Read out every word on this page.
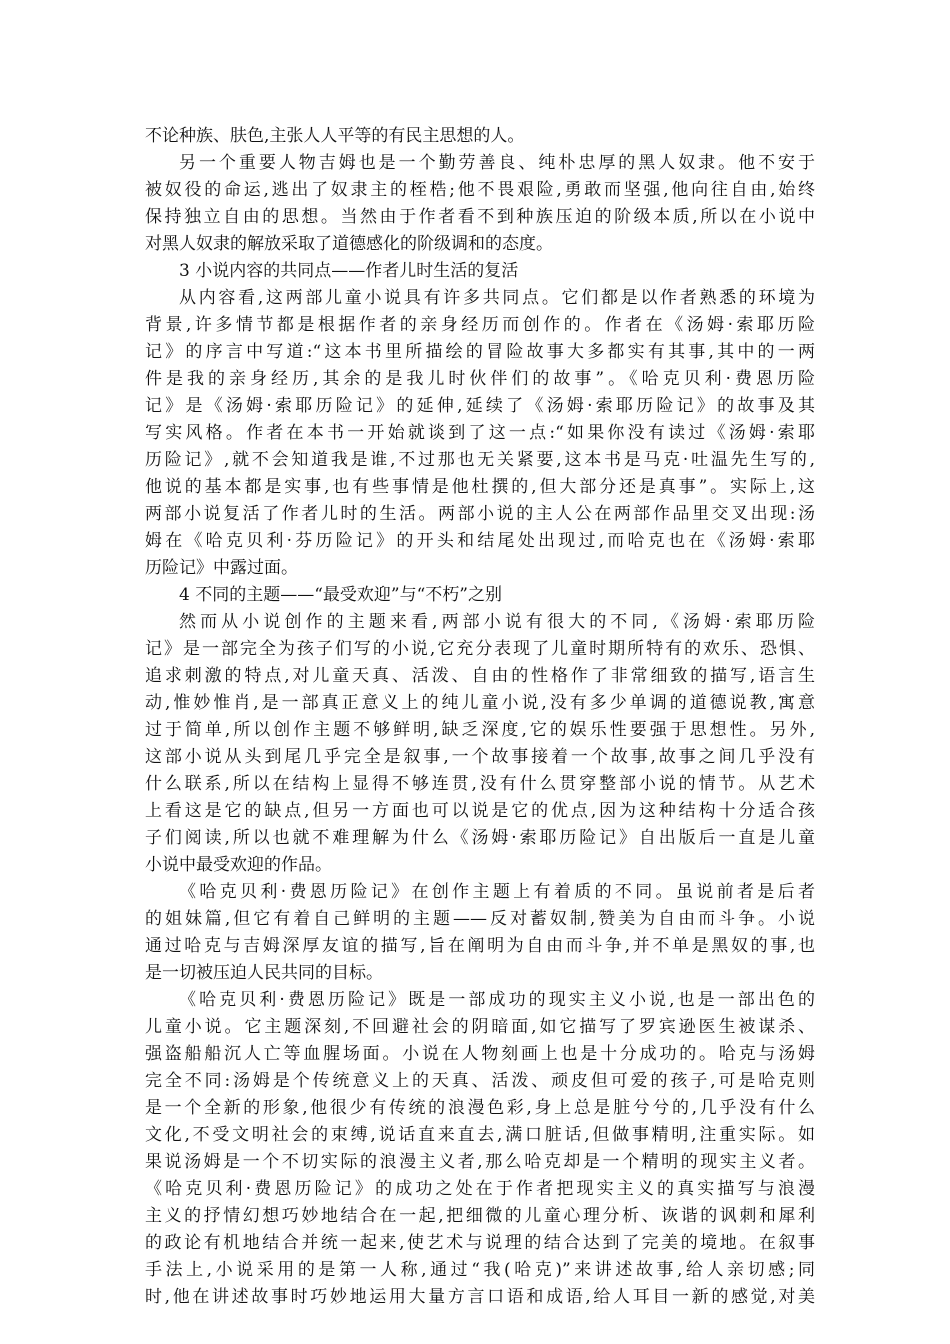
不论种族、肤色,主张人人平等的有民主思想的人。
另一个重要人物吉姆也是一个勤劳善良、纯朴忠厚的黑人奴隶。他不安于
被奴役的命运,逃出了奴隶主的桎梏;他不畏艰险,勇敢而坚强,他向往自由,始终
保持独立自由的思想。当然由于作者看不到种族压迫的阶级本质,所以在小说中
对黑人奴隶的解放采取了道德感化的阶级调和的态度。
3 小说内容的共同点——作者儿时生活的复活
从内容看,这两部儿童小说具有许多共同点。它们都是以作者熟悉的环境为
背景,许多情节都是根据作者的亲身经历而创作的。作者在《汤姆·索耶历险
记》的序言中写道:“这本书里所描绘的冒险故事大多都实有其事,其中的一两
件是我的亲身经历,其余的是我儿时伙伴们的故事”。《哈克贝利·费恩历险
记》是《汤姆·索耶历险记》的延伸,延续了《汤姆·索耶历险记》的故事及其
写实风格。作者在本书一开始就谈到了这一点:“如果你没有读过《汤姆·索耶
历险记》,就不会知道我是谁,不过那也无关紧要,这本书是马克·吐温先生写的,
他说的基本都是实事,也有些事情是他杜撰的,但大部分还是真事”。实际上,这
两部小说复活了作者儿时的生活。两部小说的主人公在两部作品里交叉出现:汤
姆在《哈克贝利·芬历险记》的开头和结尾处出现过,而哈克也在《汤姆·索耶
历险记》中露过面。
4 不同的主题——“最受欢迎”与“不朽”之别
然而从小说创作的主题来看,两部小说有很大的不同,《汤姆·索耶历险
记》是一部完全为孩子们写的小说,它充分表现了儿童时期所特有的欢乐、恐惧、
追求刺激的特点,对儿童天真、活泼、自由的性格作了非常细致的描写,语言生
动,惟妙惟肖,是一部真正意义上的纯儿童小说,没有多少单调的道德说教,寓意
过于简单,所以创作主题不够鲜明,缺乏深度,它的娱乐性要强于思想性。另外,
这部小说从头到尾几乎完全是叙事,一个故事接着一个故事,故事之间几乎没有
什么联系,所以在结构上显得不够连贯,没有什么贯穿整部小说的情节。从艺术
上看这是它的缺点,但另一方面也可以说是它的优点,因为这种结构十分适合孩
子们阅读,所以也就不难理解为什么《汤姆·索耶历险记》自出版后一直是儿童
小说中最受欢迎的作品。
《哈克贝利·费恩历险记》在创作主题上有着质的不同。虽说前者是后者
的姐妹篇,但它有着自己鲜明的主题——反对蓄奴制,赞美为自由而斗争。小说
通过哈克与吉姆深厚友谊的描写,旨在阐明为自由而斗争,并不单是黑奴的事,也
是一切被压迫人民共同的目标。
《哈克贝利·费恩历险记》既是一部成功的现实主义小说,也是一部出色的
儿童小说。它主题深刻,不回避社会的阴暗面,如它描写了罗宾逊医生被谋杀、
强盗船船沉人亡等血腥场面。小说在人物刻画上也是十分成功的。哈克与汤姆
完全不同:汤姆是个传统意义上的天真、活泼、顽皮但可爱的孩子,可是哈克则
是一个全新的形象,他很少有传统的浪漫色彩,身上总是脏兮兮的,几乎没有什么
文化,不受文明社会的束缚,说话直来直去,满口脏话,但做事精明,注重实际。如
果说汤姆是一个不切实际的浪漫主义者,那么哈克却是一个精明的现实主义者。
《哈克贝利·费恩历险记》的成功之处在于作者把现实主义的真实描写与浪漫
主义的抒情幻想巧妙地结合在一起,把细微的儿童心理分析、诙谐的讽刺和犀利
的政论有机地结合并统一起来,使艺术与说理的结合达到了完美的境地。在叙事
手法上,小说采用的是第一人称,通过“我(哈克)”来讲述故事,给人亲切感;同
时,他在讲述故事时巧妙地运用大量方言口语和成语,给人耳目一新的感觉,对美
